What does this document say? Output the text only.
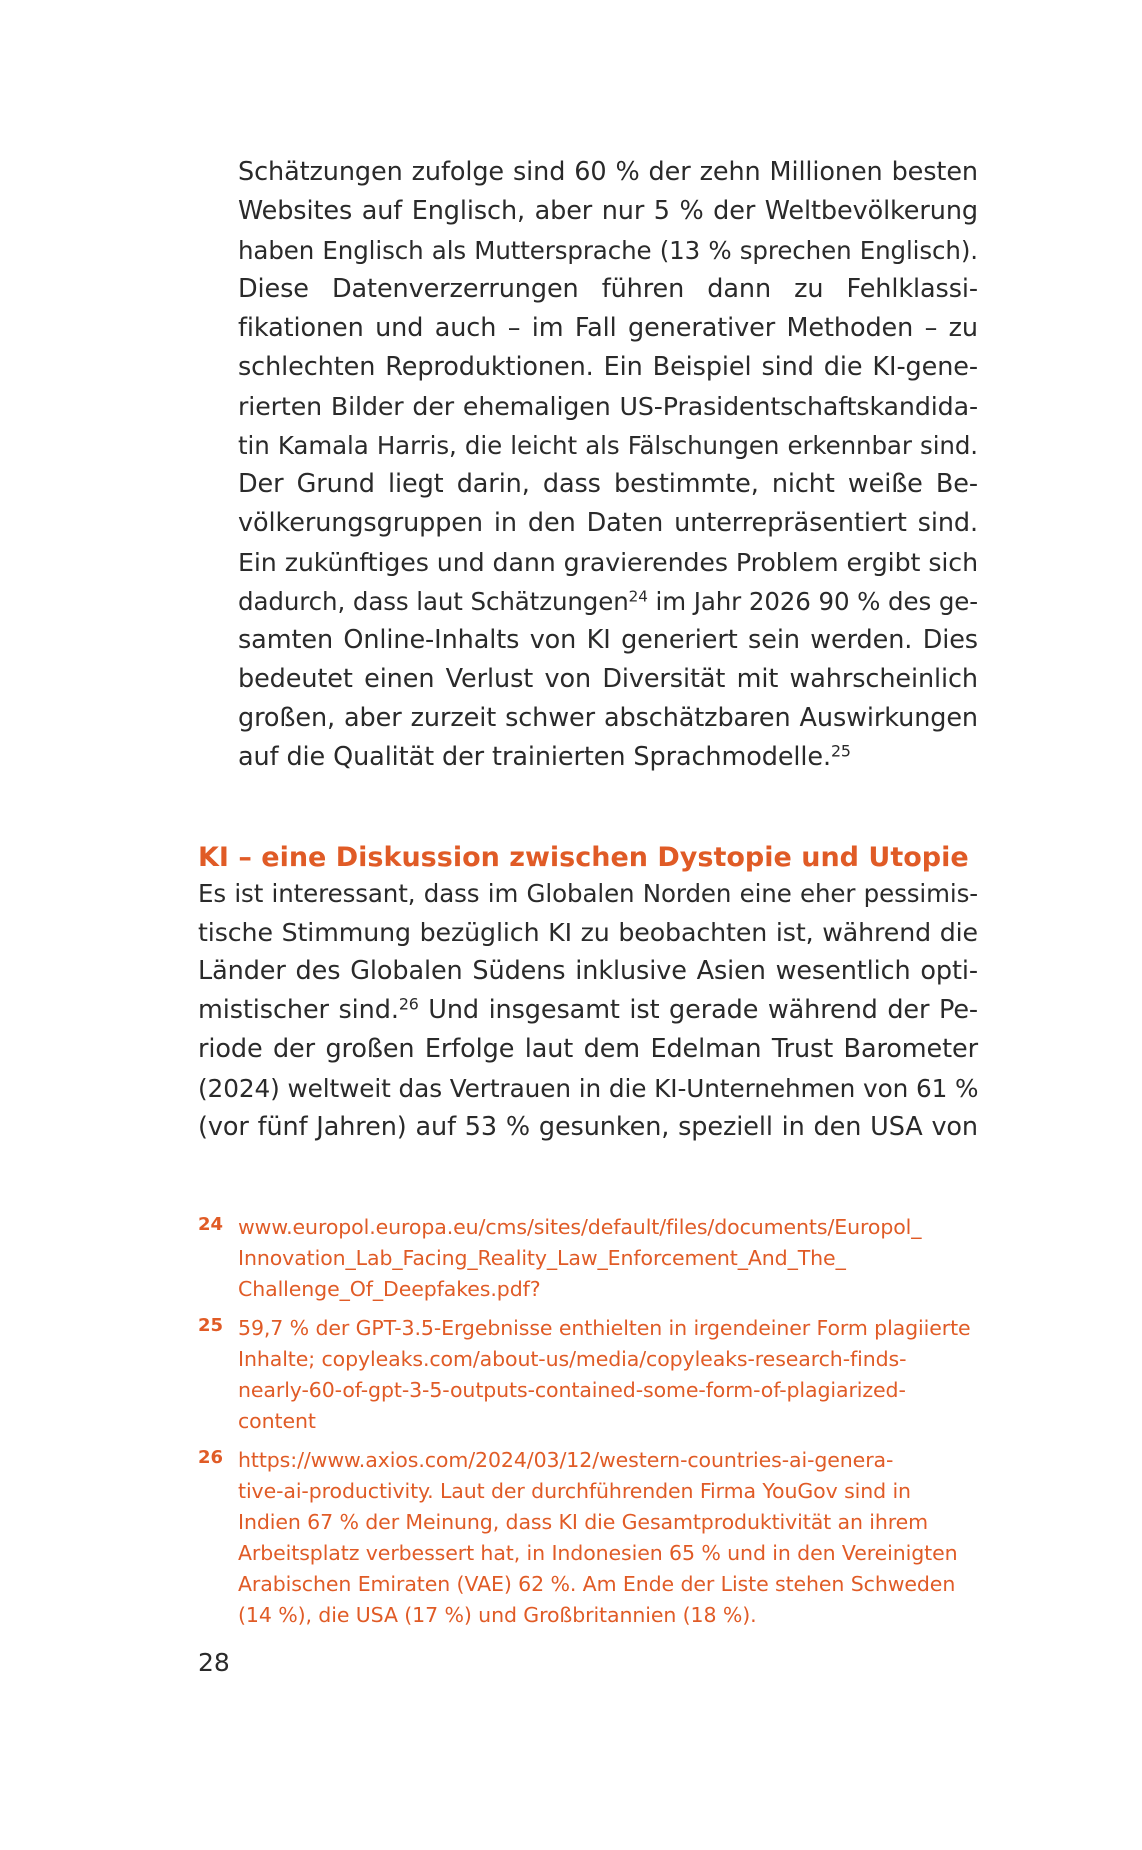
Schätzungen zufolge sind 60 % der zehn Millionen besten
Websites auf Englisch, aber nur 5 % der Weltbevölkerung
haben Englisch als Muttersprache (13 % sprechen Englisch).
Diese Datenverzerrungen führen dann zu Fehlklassi-
fikationen und auch – im Fall generativer Methoden – zu
schlechten Reproduktionen. Ein Beispiel sind die KI-gene-
rierten Bilder der ehemaligen US-Prasidentschaftskandida-
tin Kamala Harris, die leicht als Fälschungen erkennbar sind.
Der Grund liegt darin, dass bestimmte, nicht weiße Be-
völkerungsgruppen in den Daten unterrepräsentiert sind.
Ein zukünftiges und dann gravierendes Problem ergibt sich
dadurch, dass laut Schätzungen$^{24}$ im Jahr 2026 90 % des ge-
samten Online-Inhalts von KI generiert sein werden. Dies
bedeutet einen Verlust von Diversität mit wahrscheinlich
großen, aber zurzeit schwer abschätzbaren Auswirkungen
auf die Qualität der trainierten Sprachmodelle.$^{25}$
KI – eine Diskussion zwischen Dystopie und Utopie
Es ist interessant, dass im Globalen Norden eine eher pessimis-
tische Stimmung bezüglich KI zu beobachten ist, während die
Länder des Globalen Südens inklusive Asien wesentlich opti-
mistischer sind.$^{26}$ Und insgesamt ist gerade während der Pe-
riode der großen Erfolge laut dem Edelman Trust Barometer
(2024) weltweit das Vertrauen in die KI-Unternehmen von 61 %
(vor fünf Jahren) auf 53 % gesunken, speziell in den USA von
24 www.europol.europa.eu/cms/sites/default/files/documents/Europol_
Innovation_Lab_Facing_Reality_Law_Enforcement_And_The_
Challenge_Of_Deepfakes.pdf?
25 59,7 % der GPT-3.5-Ergebnisse enthielten in irgendeiner Form plagiierte
Inhalte; copyleaks.com/about-us/media/copyleaks-research-finds-
nearly-60-of-gpt-3-5-outputs-contained-some-form-of-plagiarized-
content
26 https://www.axios.com/2024/03/12/western-countries-ai-genera-
tive-ai-productivity. Laut der durchführenden Firma YouGov sind in
Indien 67 % der Meinung, dass KI die Gesamtproduktivität an ihrem
Arbeitsplatz verbessert hat, in Indonesien 65 % und in den Vereinigten
Arabischen Emiraten (VAE) 62 %. Am Ende der Liste stehen Schweden
(14 %), die USA (17 %) und Großbritannien (18 %).
28
